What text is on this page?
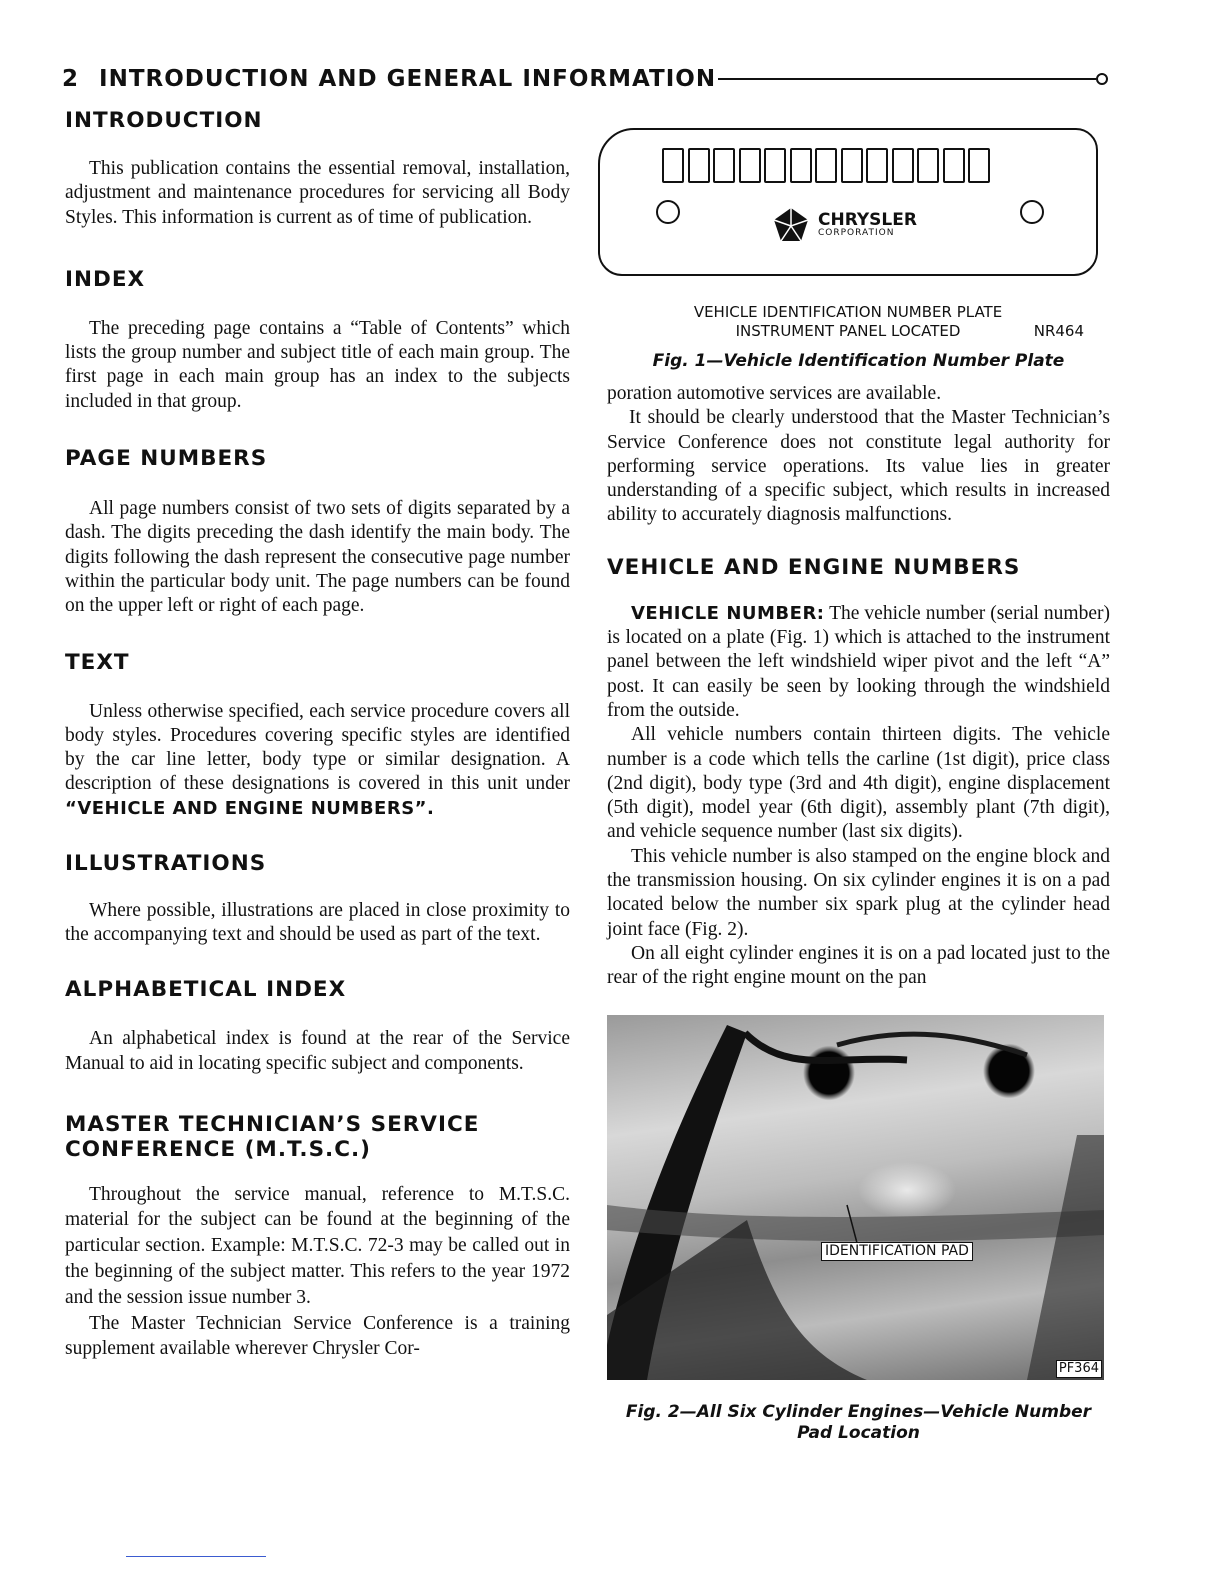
2 INTRODUCTION AND GENERAL INFORMATION
INTRODUCTION

This publication contains the essential removal, installation, adjustment and maintenance procedures for servicing all Body Styles. This information is current as of time of publication.

INDEX

The preceding page contains a “Table of Contents” which lists the group number and subject title of each main group. The first page in each main group has an index to the subjects included in that group.

PAGE NUMBERS

All page numbers consist of two sets of digits separated by a dash. The digits preceding the dash identify the main body. The digits following the dash represent the consecutive page number within the particular body unit. The page numbers can be found on the upper left or right of each page.

TEXT

Unless otherwise specified, each service procedure covers all body styles. Procedures covering specific styles are identified by the car line letter, body type or similar designation. A description of these designations is covered in this unit under “VEHICLE AND ENGINE NUMBERS”.

ILLUSTRATIONS

Where possible, illustrations are placed in close proximity to the accompanying text and should be used as part of the text.

ALPHABETICAL INDEX

An alphabetical index is found at the rear of the Service Manual to aid in locating specific subject and components.

MASTER TECHNICIAN’S SERVICE
CONFERENCE (M.T.S.C.)

Throughout the service manual, reference to M.T.S.C. material for the subject can be found at the beginning of the particular section. Example: M.T.S.C. 72-3 may be called out in the beginning of the subject matter. This refers to the year 1972 and the session issue number 3.

The Master Technician Service Conference is a training supplement available wherever Chrysler Cor-

CHRYSLER
CORPORATION
VEHICLE IDENTIFICATION NUMBER PLATE
INSTRUMENT PANEL LOCATED	NR464
Fig. 1—Vehicle Identification Number Plate

poration automotive services are available.

It should be clearly understood that the Master Technician’s Service Conference does not constitute legal authority for performing service operations. Its value lies in greater understanding of a specific subject, which results in increased ability to accurately diagnosis malfunctions.

VEHICLE AND ENGINE NUMBERS

VEHICLE NUMBER: The vehicle number (serial number) is located on a plate (Fig. 1) which is attached to the instrument panel between the left windshield wiper pivot and the left “A” post. It can easily be seen by looking through the windshield from the outside.

All vehicle numbers contain thirteen digits. The vehicle number is a code which tells the carline (1st digit), price class (2nd digit), body type (3rd and 4th digit), engine displacement (5th digit), model year (6th digit), assembly plant (7th digit), and vehicle sequence number (last six digits).

This vehicle number is also stamped on the engine block and the transmission housing. On six cylinder engines it is on a pad located below the number six spark plug at the cylinder head joint face (Fig. 2).

On all eight cylinder engines it is on a pad located just to the rear of the right engine mount on the pan

IDENTIFICATION PAD
PF364
Fig. 2—All Six Cylinder Engines—Vehicle Number
Pad Location
